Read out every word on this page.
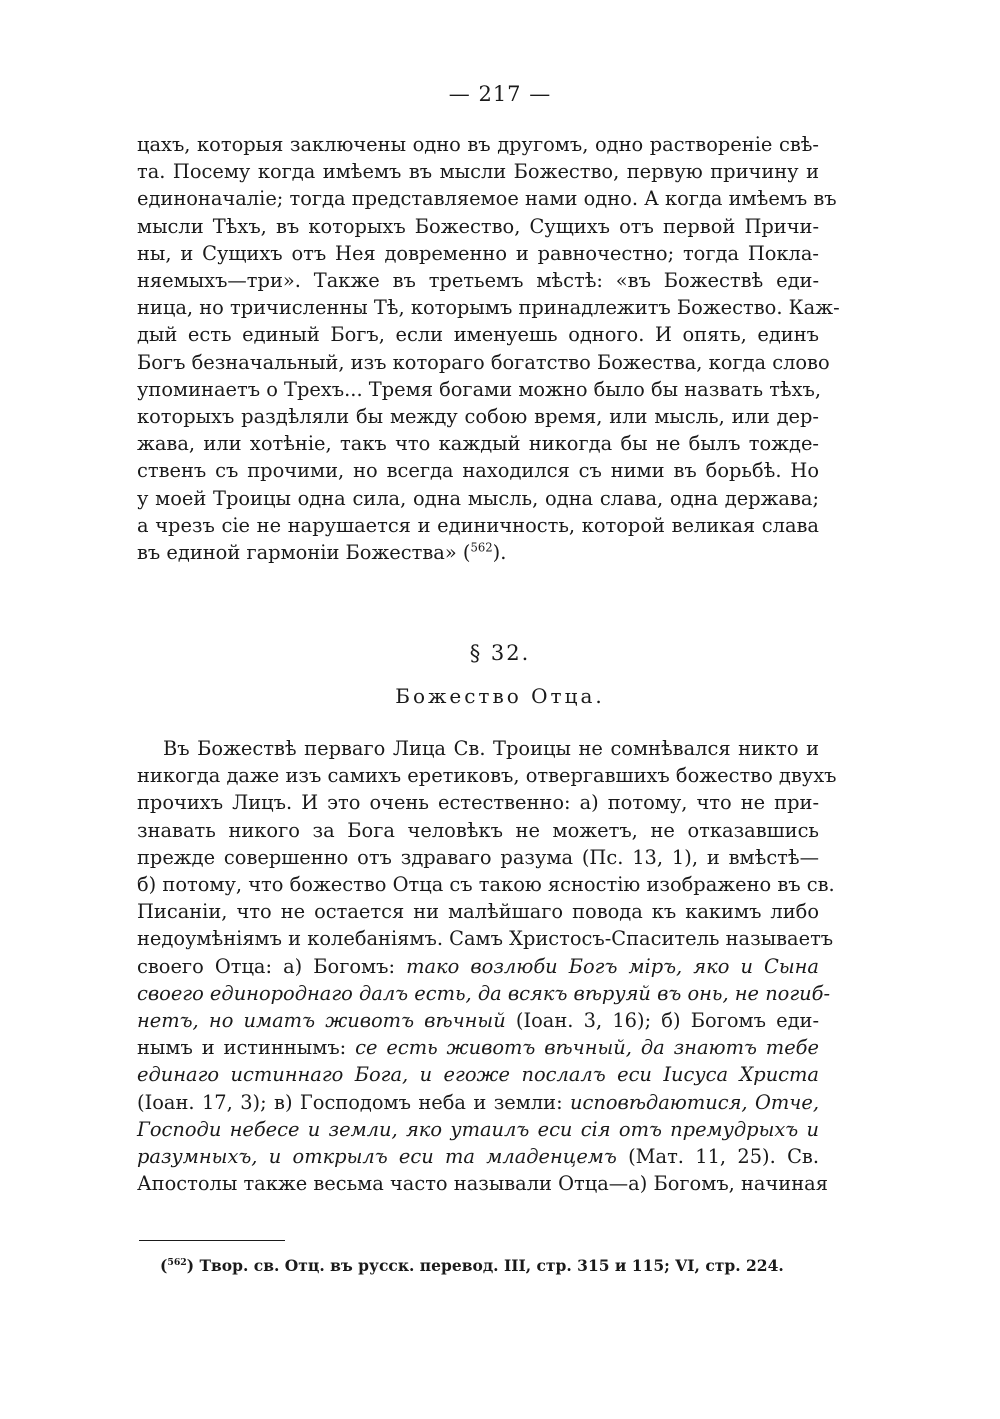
— 217 —
цахъ, которыя заключены одно въ другомъ, одно раствореніе свѣ-
та. Посему когда имѣемъ въ мысли Божество, первую причину и
единоначаліе; тогда представляемое нами одно. А когда имѣемъ въ
мысли Тѣхъ, въ которыхъ Божество, Сущихъ отъ первой Причи-
ны, и Сущихъ отъ Нея довременно и равночестно; тогда Покла-
няемыхъ—три». Также въ третьемъ мѣстѣ: «въ Божествѣ еди-
ница, но тричисленны Тѣ, которымъ принадлежитъ Божество. Каж-
дый есть единый Богъ, если именуешь одного. И опять, единъ
Богъ безначальный, изъ котораго богатство Божества, когда слово
упоминаетъ о Трехъ... Тремя богами можно было бы назвать тѣхъ,
которыхъ раздѣляли бы между собою время, или мысль, или дер-
жава, или хотѣніе, такъ что каждый никогда бы не былъ тожде-
ственъ съ прочими, но всегда находился съ ними въ борьбѣ. Но
у моей Троицы одна сила, одна мысль, одна слава, одна держава;
а чрезъ сіе не нарушается и единичность, которой великая слава
въ единой гармоніи Божества» ($^{562}$).
§ 32.
Божество Отца.
Въ Божествѣ перваго Лица Св. Троицы не сомнѣвался никто и
никогда даже изъ самихъ еретиковъ, отвергавшихъ божество двухъ
прочихъ Лицъ. И это очень естественно: а) потому, что не при-
знавать никого за Бога человѣкъ не можетъ, не отказавшись
прежде совершенно отъ здраваго разума (Пс. 13, 1), и вмѣстѣ—
б) потому, что божество Отца съ такою ясностію изображено въ св.
Писаніи, что не остается ни малѣйшаго повода къ какимъ либо
недоумѣніямъ и колебаніямъ. Самъ Христосъ-Спаситель называетъ
своего Отца: а) Богомъ: тако возлюби Богъ міръ, яко и Сына
своего единороднаго далъ есть, да всякъ вѣруяй въ онь, не погиб-
нетъ, но иматъ животъ вѣчный (Іоан. 3, 16); б) Богомъ еди-
нымъ и истиннымъ: се есть животъ вѣчный, да знаютъ тебе
единаго истиннаго Бога, и егоже послалъ еси Іисуса Христа
(Іоан. 17, 3); в) Господомъ неба и земли: исповѣдаютися, Отче,
Господи небесе и земли, яко утаилъ еси сія отъ премудрыхъ и
разумныхъ, и открылъ еси та младенцемъ (Мат. 11, 25). Св.
Апостолы также весьма часто называли Отца—а) Богомъ, начиная
($^{562}$) Твор. св. Отц. въ русск. перевод. III, стр. 315 и 115; VI, стр. 224.
